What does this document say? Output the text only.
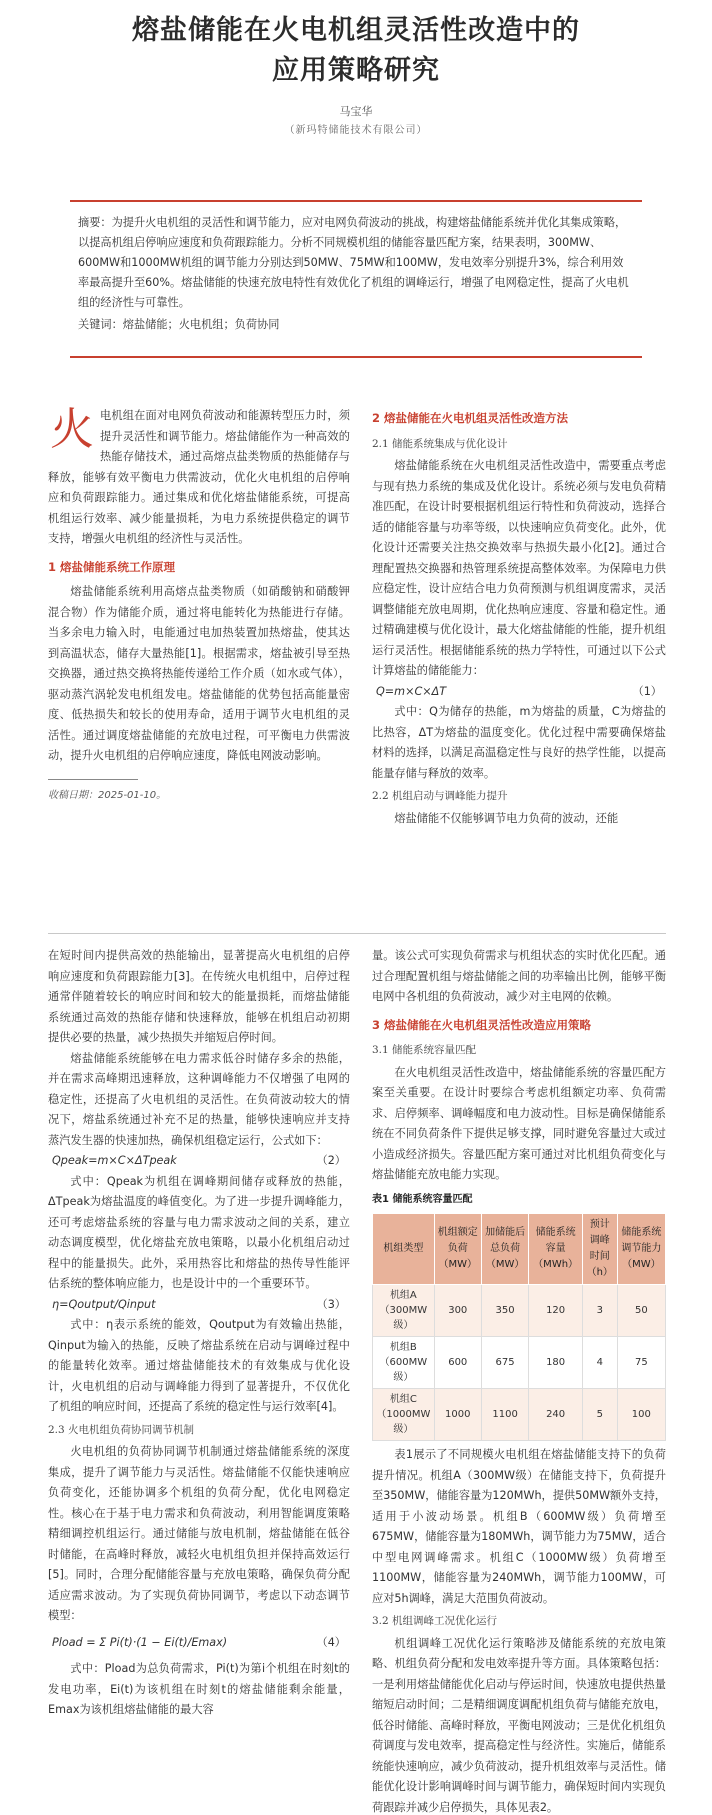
熔盐储能在火电机组灵活性改造中的
应用策略研究
马宝华
（新玛特储能技术有限公司）
摘要：为提升火电机组的灵活性和调节能力，应对电网负荷波动的挑战，构建熔盐储能系统并优化其集成策略，以提高机组启停响应速度和负荷跟踪能力。分析不同规模机组的储能容量匹配方案，结果表明，300MW、600MW和1000MW机组的调节能力分别达到50MW、75MW和100MW，发电效率分别提升3%，综合利用效率最高提升至60%。熔盐储能的快速充放电特性有效优化了机组的调峰运行，增强了电网稳定性，提高了火电机组的经济性与可靠性。
关键词：熔盐储能；火电机组；负荷协同

火电机组在面对电网负荷波动和能源转型压力时，须提升灵活性和调节能力。熔盐储能作为一种高效的热能存储技术，通过高熔点盐类物质的热能储存与释放，能够有效平衡电力供需波动，优化火电机组的启停响应和负荷跟踪能力。通过集成和优化熔盐储能系统，可提高机组运行效率、减少能量损耗，为电力系统提供稳定的调节支持，增强火电机组的经济性与灵活性。

1 熔盐储能系统工作原理

熔盐储能系统利用高熔点盐类物质（如硝酸钠和硝酸钾混合物）作为储能介质，通过将电能转化为热能进行存储。当多余电力输入时，电能通过电加热装置加热熔盐，使其达到高温状态，储存大量热能[1]。根据需求，熔盐被引导至热交换器，通过热交换将热能传递给工作介质（如水或气体），驱动蒸汽涡轮发电机组发电。熔盐储能的优势包括高能量密度、低热损失和较长的使用寿命，适用于调节火电机组的灵活性。通过调度熔盐储能的充放电过程，可平衡电力供需波动，提升火电机组的启停响应速度，降低电网波动影响。

收稿日期：2025-01-10。
2 熔盐储能在火电机组灵活性改造方法
2.1 储能系统集成与优化设计

熔盐储能系统在火电机组灵活性改造中，需要重点考虑与现有热力系统的集成及优化设计。系统必须与发电负荷精准匹配，在设计时要根据机组运行特性和负荷波动，选择合适的储能容量与功率等级，以快速响应负荷变化。此外，优化设计还需要关注热交换效率与热损失最小化[2]。通过合理配置热交换器和热管理系统提高整体效率。为保障电力供应稳定性，设计应结合电力负荷预测与机组调度需求，灵活调整储能充放电周期，优化热响应速度、容量和稳定性。通过精确建模与优化设计，最大化熔盐储能的性能，提升机组运行灵活性。根据储能系统的热力学特性，可通过以下公式计算熔盐的储能能力：

Q=m×C×ΔT	（1）

式中：Q为储存的热能，m为熔盐的质量，C为熔盐的比热容，ΔT为熔盐的温度变化。优化过程中需要确保熔盐材料的选择，以满足高温稳定性与良好的热学性能，以提高能量存储与释放的效率。

2.2 机组启动与调峰能力提升

熔盐储能不仅能够调节电力负荷的波动，还能

在短时间内提供高效的热能输出，显著提高火电机组的启停响应速度和负荷跟踪能力[3]。在传统火电机组中，启停过程通常伴随着较长的响应时间和较大的能量损耗，而熔盐储能系统通过高效的热能存储和快速释放，能够在机组启动初期提供必要的热量，减少热损失并缩短启停时间。

熔盐储能系统能够在电力需求低谷时储存多余的热能，并在需求高峰期迅速释放，这种调峰能力不仅增强了电网的稳定性，还提高了火电机组的灵活性。在负荷波动较大的情况下，熔盐系统通过补充不足的热量，能够快速响应并支持蒸汽发生器的快速加热，确保机组稳定运行，公式如下：

Qpeak=m×C×ΔTpeak	（2）

式中：Qpeak为机组在调峰期间储存或释放的热能，ΔTpeak为熔盐温度的峰值变化。为了进一步提升调峰能力，还可考虑熔盐系统的容量与电力需求波动之间的关系，建立动态调度模型，优化熔盐充放电策略，以最小化机组启动过程中的能量损失。此外，采用热容比和熔盐的热传导性能评估系统的整体响应能力，也是设计中的一个重要环节。

η=Qoutput/Qinput	（3）

式中：η表示系统的能效，Qoutput为有效输出热能，Qinput为输入的热能，反映了熔盐系统在启动与调峰过程中的能量转化效率。通过熔盐储能技术的有效集成与优化设计，火电机组的启动与调峰能力得到了显著提升，不仅优化了机组的响应时间，还提高了系统的稳定性与运行效率[4]。

2.3 火电机组负荷协同调节机制

火电机组的负荷协同调节机制通过熔盐储能系统的深度集成，提升了调节能力与灵活性。熔盐储能不仅能快速响应负荷变化，还能协调多个机组的负荷分配，优化电网稳定性。核心在于基于电力需求和负荷波动，利用智能调度策略精细调控机组运行。通过储能与放电机制，熔盐储能在低谷时储能，在高峰时释放，减轻火电机组负担并保持高效运行[5]。同时，合理分配储能容量与充放电策略，确保负荷分配适应需求波动。为了实现负荷协同调节，考虑以下动态调节模型：

Pload = Σ Pi(t)·(1 − Ei(t)/Emax)	（4）

式中：Pload为总负荷需求，Pi(t)为第i个机组在时刻t的发电功率，Ei(t)为该机组在时刻t的熔盐储能剩余能量，Emax为该机组熔盐储能的最大容

量。该公式可实现负荷需求与机组状态的实时优化匹配。通过合理配置机组与熔盐储能之间的功率输出比例，能够平衡电网中各机组的负荷波动，减少对主电网的依赖。

3 熔盐储能在火电机组灵活性改造应用策略
3.1 储能系统容量匹配

在火电机组灵活性改造中，熔盐储能系统的容量匹配方案至关重要。在设计时要综合考虑机组额定功率、负荷需求、启停频率、调峰幅度和电力波动性。目标是确保储能系统在不同负荷条件下提供足够支撑，同时避免容量过大或过小造成经济损失。容量匹配方案可通过对比机组负荷变化与熔盐储能充放电能力实现。

表1 储能系统容量匹配
机组类型	机组额定负荷（MW）	加储能后总负荷（MW）	储能系统容量（MWh）	预计调峰时间（h）	储能系统调节能力（MW）
机组A（300MW级）	300	350	120	3	50
机组B（600MW级）	600	675	180	4	75
机组C（1000MW级）	1000	1100	240	5	100

表1展示了不同规模火电机组在熔盐储能支持下的负荷提升情况。机组A（300MW级）在储能支持下，负荷提升至350MW，储能容量为120MWh，提供50MW额外支持，适用于小波动场景。机组B（600MW级）负荷增至675MW，储能容量为180MWh，调节能力为75MW，适合中型电网调峰需求。机组C（1000MW级）负荷增至1100MW，储能容量为240MWh，调节能力100MW，可应对5h调峰，满足大范围负荷波动。

3.2 机组调峰工况优化运行

机组调峰工况优化运行策略涉及储能系统的充放电策略、机组负荷分配和发电效率提升等方面。具体策略包括：一是利用熔盐储能优化启动与停运时间，快速放电提供热量缩短启动时间；二是精细调度调配机组负荷与储能充放电，低谷时储能、高峰时释放，平衡电网波动；三是优化机组负荷调度与发电效率，提高稳定性与经济性。实施后，储能系统能快速响应，减少负荷波动，提升机组效率与灵活性。储能优化设计影响调峰时间与调节能力，确保短时间内实现负荷跟踪并减少启停损失，具体见表2。
